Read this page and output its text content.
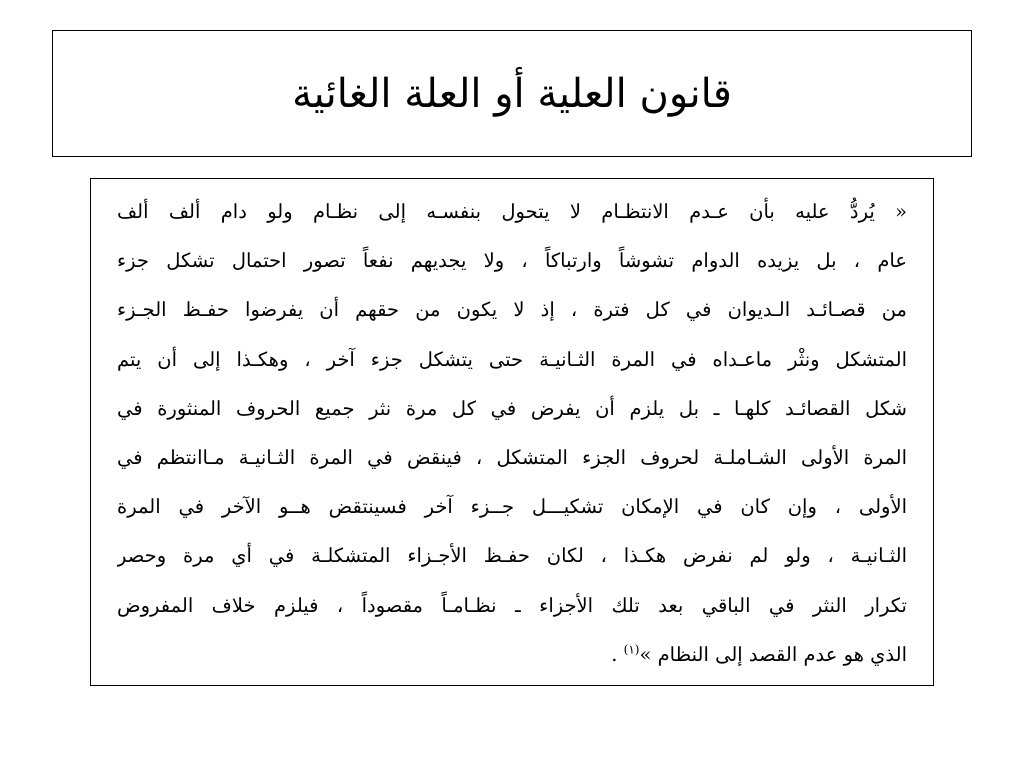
قانون العلية أو العلة الغائية
« يُردُّ عليه بأن عـدم الانتظـام لا يتحول بنفسـه إلى نظـام ولو دام ألف ألف
عام ، بل يزيده الدوام تشوشاً وارتباكاً ، ولا يجديهم نفعاً تصور احتمال تشكل جزء
من قصـائـد الـديوان في كل فترة ، إذ لا يكون من حقهم أن يفرضوا حفـظ الجـزء
المتشكل ونثْر ماعـداه في المرة الثـانيـة حتى يتشكل جزء آخر ، وهكـذا إلى أن يتم
شكل القصائـد كلهـا ـ بل يلزم أن يفرض في كل مرة نثر جميع الحروف المنثورة في
المرة الأولى الشـاملـة لحروف الجزء المتشكل ، فينقض في المرة الثـانيـة مـاانتظم في
الأولى ، وإن كان في الإمكان تشكيـــل جــزء آخر فسينتقض هــو الآخر في المرة
الثـانيـة ، ولو لم نفرض هكـذا ، لكان حفـظ الأجـزاء المتشكلـة في أي مرة وحصر
تكرار النثر في الباقي بعد تلك الأجزاء ـ نظـامـاً مقصوداً ، فيلزم خلاف المفروض
الذي هو عدم القصد إلى النظام »$^{(١)}$ .
